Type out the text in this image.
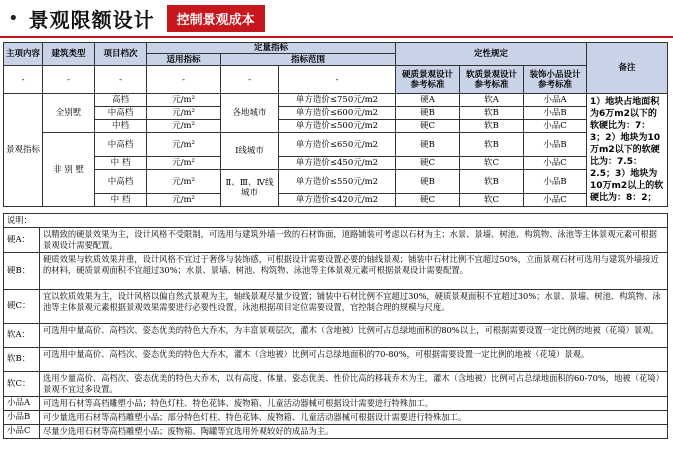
• 景观限额设计	控制景观成本
主项内容	建筑类型	项目档次	定量指标			定性规定			备注
			适用指标	指标范围					
-	-	-	-	-	-	硬质景观设计参考标准	软质景观设计参考标准	装饰小品设计参考标准	
景观指标	全别墅	高档	元/m²	各地城市	单方造价≤750元/m2	硬A	软A	小品A	1）地块占地面积为6万m2以下的软硬比为：7：3；2）地块为10万m2以下的软硬比为：7.5：2.5；3）地块为10万m2以上的软硬比为：8：2；
		中高档	元/m²		单方造价≤600元/m2	硬B	软B	小品B	
		中档	元/m²		单方造价≤500元/m2	硬C	软B	小品C	
	非 别 墅	中高档	元/m²	Ⅰ线城市	单方造价≤650元/m2	硬B	软B	小品B	
		中 档	元/m²		单方造价≤450元/m2	硬C	软C	小品C	
		中高档	元/m²	Ⅱ、Ⅲ、Ⅳ线城市	单方造价≤550元/m2	硬B	软B	小品B	
		中 档	元/m²		单方造价≤420元/m2	硬C	软C	小品C	
说明：	
硬A：	以精致的硬景效果为主，设计风格不受限制，可选用与建筑外墙一致的石材饰面，道路铺装可考虑以石材为主；水景、景墙、树池、构筑物、泳池等主体景观元素可根据景观设计需要配置。
硬B：	硬质效果与软质效果并重，设计风格不宜过于奢侈与装饰感，可根据设计需要设置必要的轴线景观；铺装中石材比例不宜超过50%，立面景观石材可选用与建筑外墙接近的材料，硬质景观面积不宜超过30%；水景、景墙、树池、构筑物、泳池等主体景观元素可根据景观设计需要配置。
硬C：	宜以软质效果为主，设计风格以偏自然式景观为主，轴线景观尽量少设置；铺装中石材比例不宜超过30%，硬质景观面积不宜超过30%；水景、景墙、树池、构筑物、泳池等主体景观元素根据景观效果需要进行必要性设置，泳池根据项目定位需要设置，官控制合理的规模与尺度。
软A：	可选用中量高价、高档次、姿态优美的特色大乔木，为丰富景观层次，灌木（含地被）比例可占总绿地面积的80%以上，可根据需要设置一定比例的地被（花境）景观。
软B：	可选用中量高价、高档次、姿态优美的特色大乔木，灌木（含地被）比例可占总绿地面积的70-80%，可根据需要设置一定比例的地被（花境）景观。
软C：	选用少量高价、高档次、姿态优美的特色大乔木，以有高度、体量、姿态优美、性价比高的移栽乔木为主，灌木（含地被）比例可占总绿地面积的60-70%，地被（花境）景观不宜过多设置。
小品A	可选用石材等高档雕塑小品；特色灯柱、特色花钵、废物箱、儿童活动器械可根据设计需要进行特殊加工。
小品B	可少量选用石材等高档雕塑小品；部分特色灯柱、特色花钵、废物箱、儿童活动器械可根据设计需要进行特殊加工。
小品C	尽量少选用石材等高档雕塑小品；废物箱、陶罐等宜选用外观较好的成品为主。
